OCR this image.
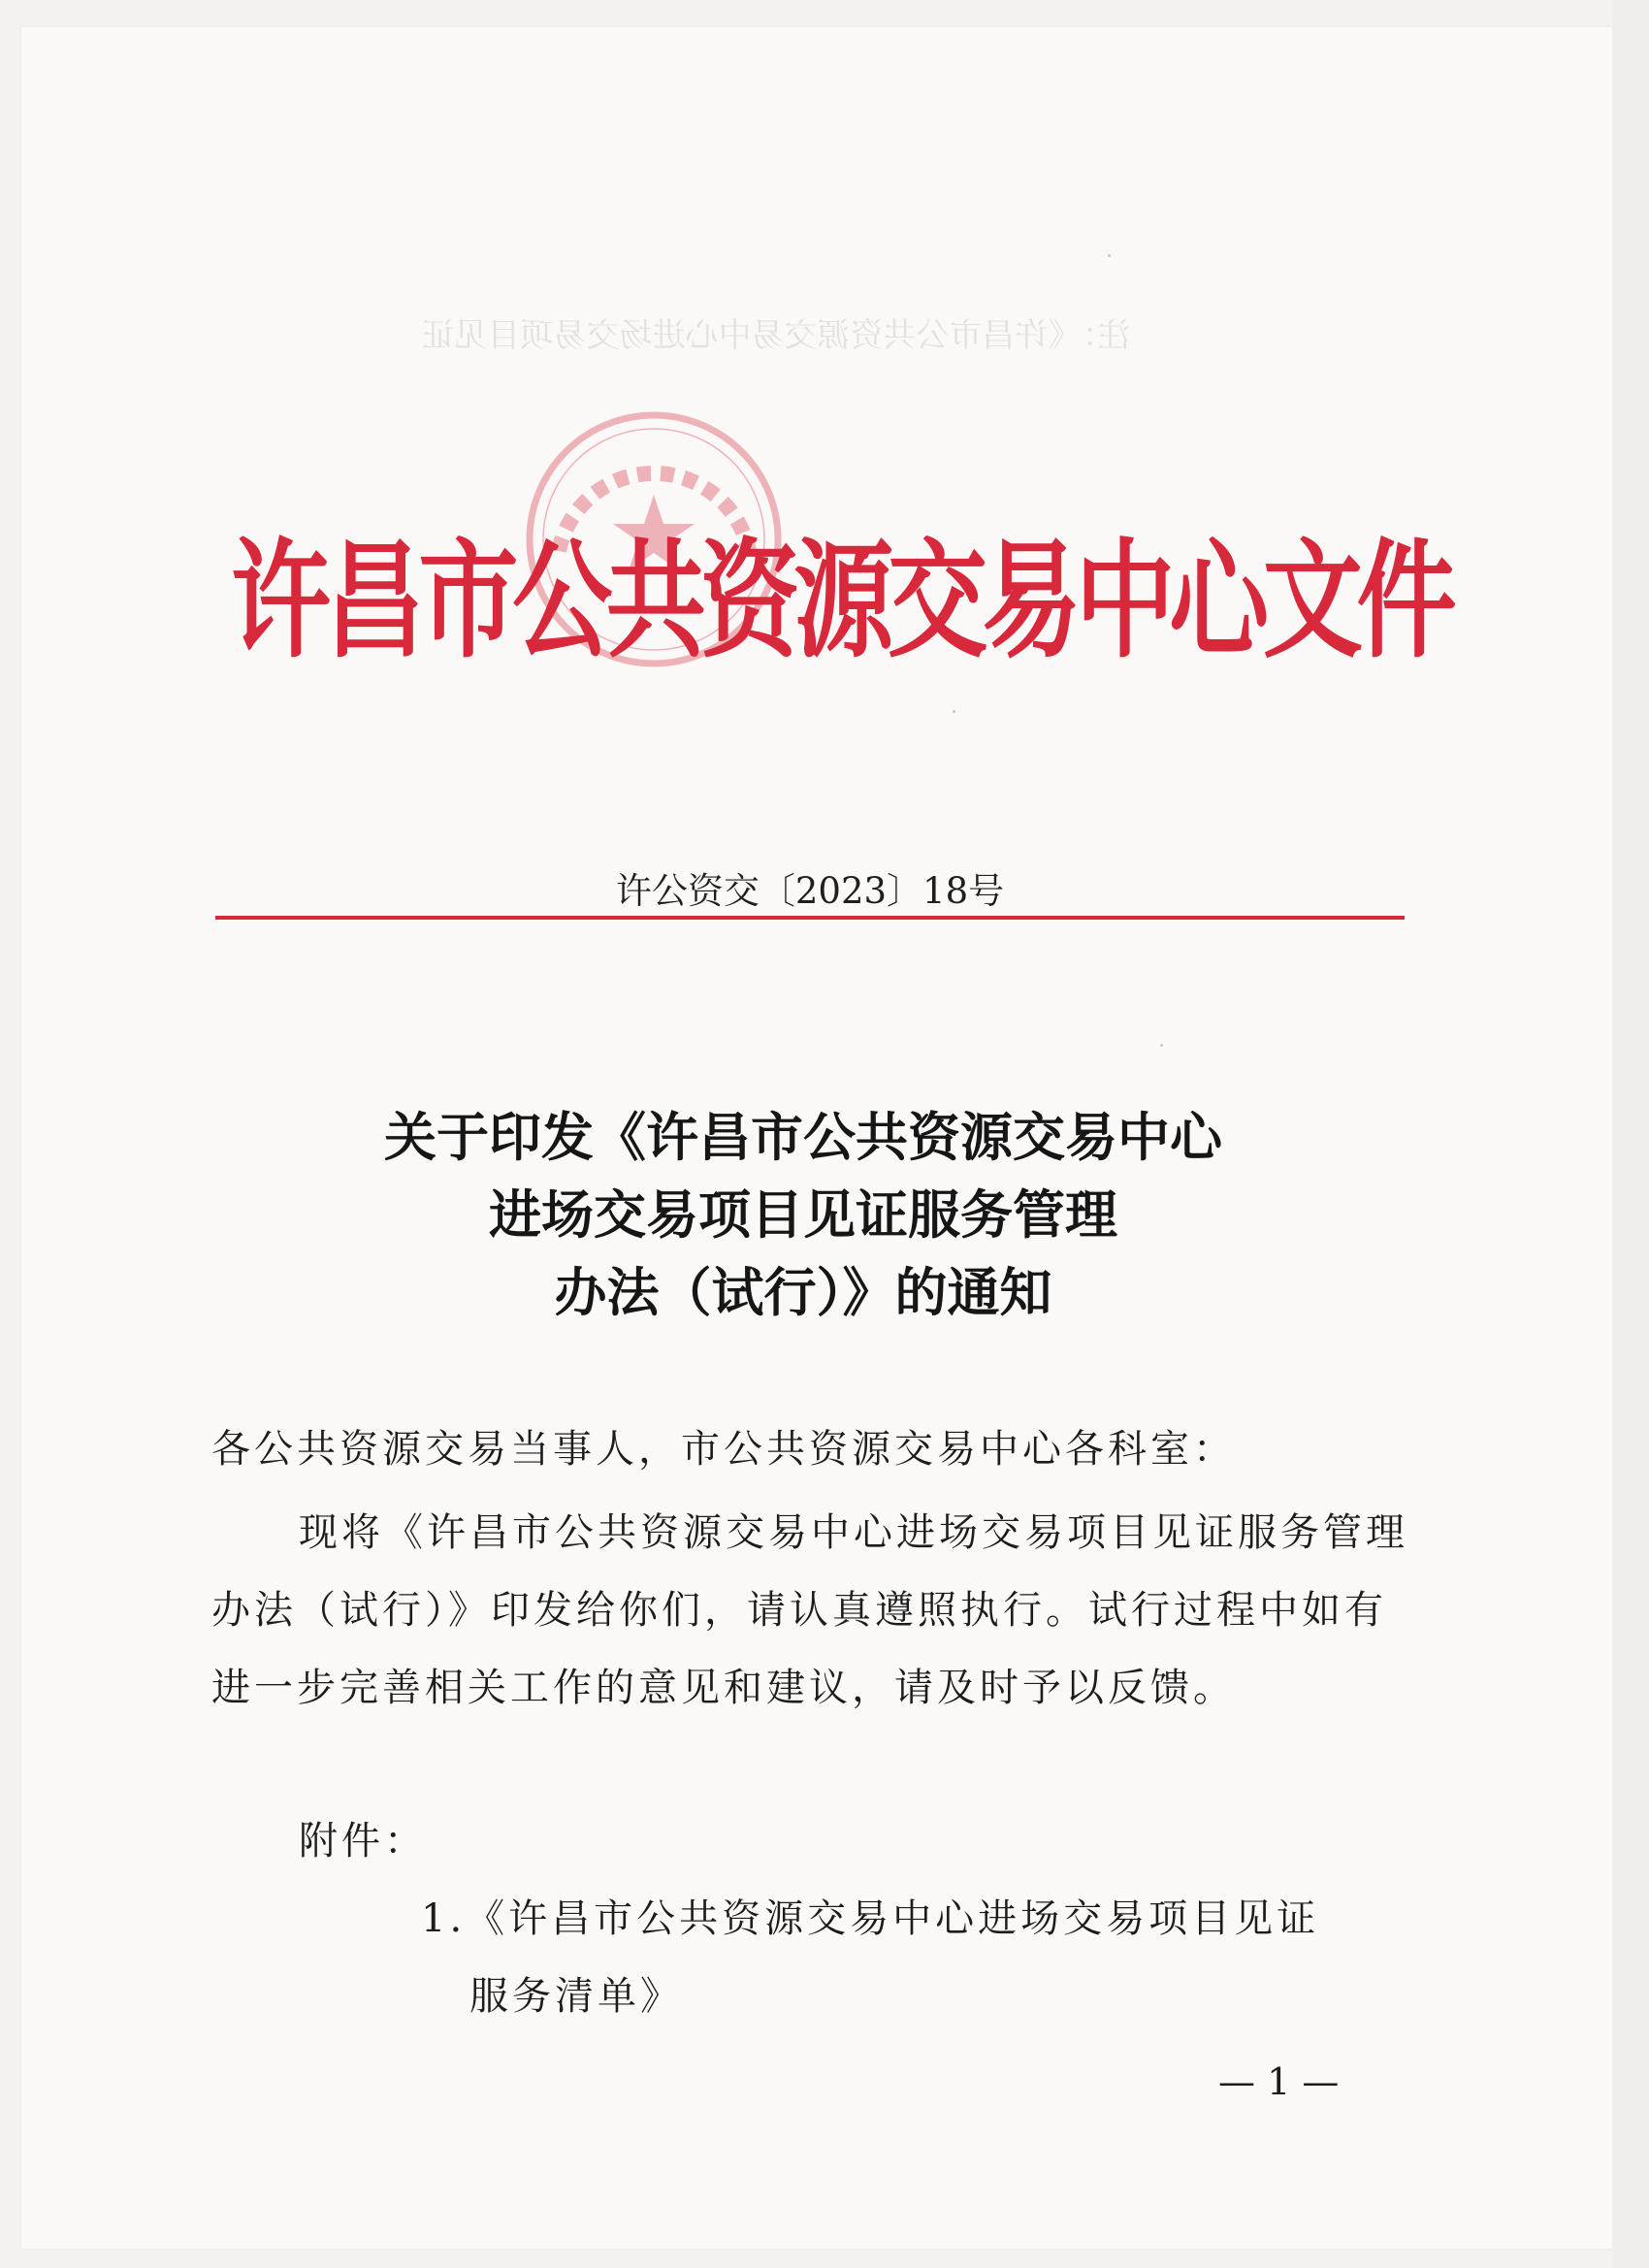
注：《许昌市公共资源交易中心进场交易项目见证
许昌市公共资源交易中心文件
许公资交〔2023〕18号
关于印发《许昌市公共资源交易中心
进场交易项目见证服务管理
办法（试行）》的通知
各公共资源交易当事人，市公共资源交易中心各科室：
现将《许昌市公共资源交易中心进场交易项目见证服务管理
办法（试行）》印发给你们，请认真遵照执行。试行过程中如有
进一步完善相关工作的意见和建议，请及时予以反馈。
附件：
1.《许昌市公共资源交易中心进场交易项目见证
服务清单》
— 1 —
